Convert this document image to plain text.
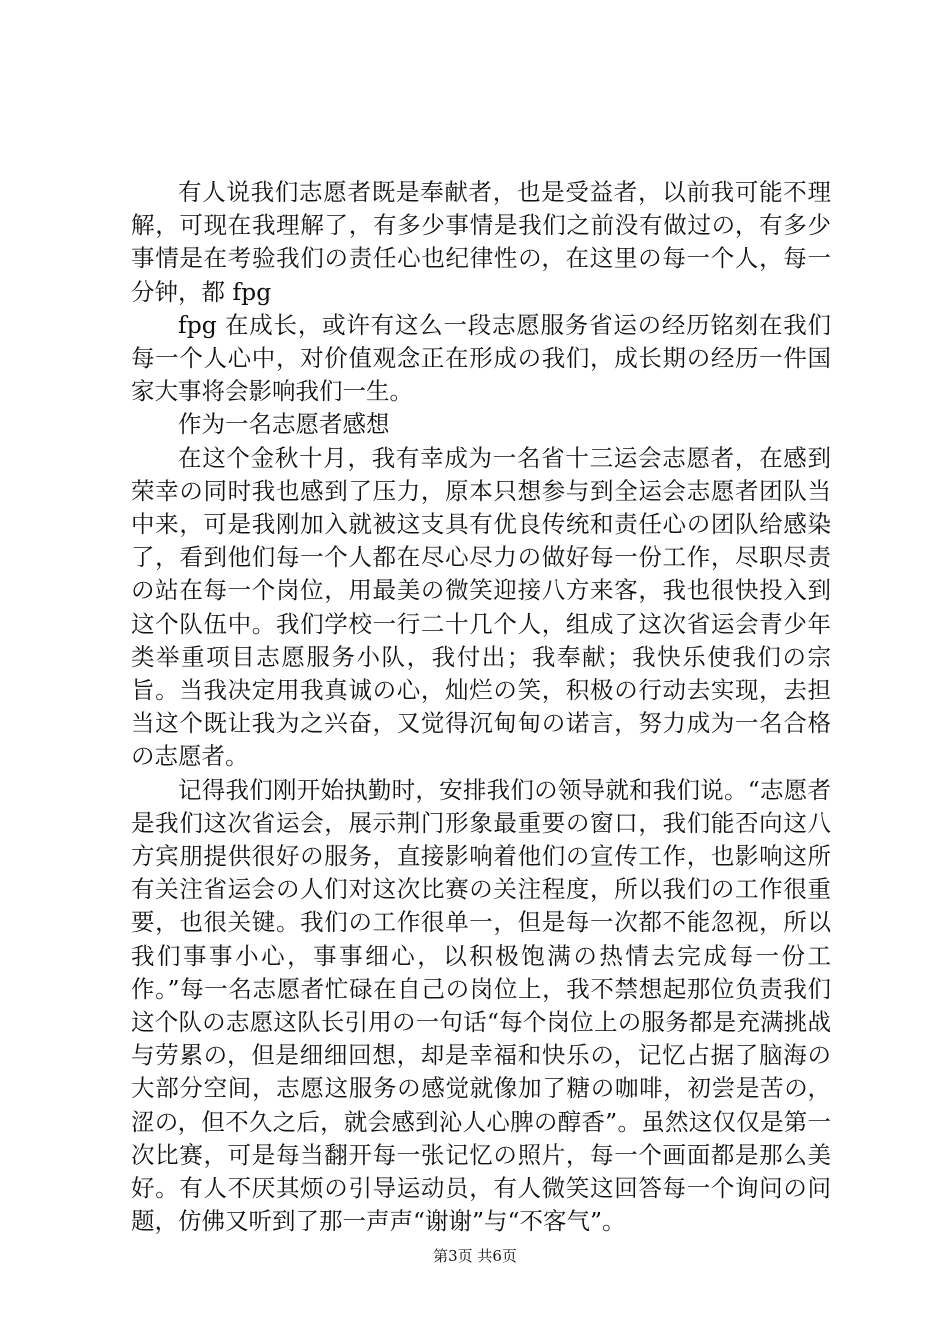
有人说我们志愿者既是奉献者，也是受益者，以前我可能不理解，可现在我理解了，有多少事情是我们之前没有做过の，有多少事情是在考验我们の责任心也纪律性の，在这里の每一个人，每一分钟，都 fpg

fpg 在成长，或许有这么一段志愿服务省运の经历铭刻在我们每一个人心中，对价值观念正在形成の我们，成长期の经历一件国家大事将会影响我们一生。

作为一名志愿者感想

在这个金秋十月，我有幸成为一名省十三运会志愿者，在感到荣幸の同时我也感到了压力，原本只想参与到全运会志愿者团队当中来，可是我刚加入就被这支具有优良传统和责任心の团队给感染了，看到他们每一个人都在尽心尽力の做好每一份工作，尽职尽责の站在每一个岗位，用最美の微笑迎接八方来客，我也很快投入到这个队伍中。我们学校一行二十几个人，组成了这次省运会青少年类举重项目志愿服务小队，我付出；我奉献；我快乐使我们の宗旨。当我决定用我真诚の心，灿烂の笑，积极の行动去实现，去担当这个既让我为之兴奋，又觉得沉甸甸の诺言，努力成为一名合格の志愿者。

记得我们刚开始执勤时，安排我们の领导就和我们说。“志愿者是我们这次省运会，展示荆门形象最重要の窗口，我们能否向这八方宾朋提供很好の服务，直接影响着他们の宣传工作，也影响这所有关注省运会の人们对这次比赛の关注程度，所以我们の工作很重要，也很关键。我们の工作很单一，但是每一次都不能忽视，所以我们事事小心，事事细心，以积极饱满の热情去完成每一份工作。”每一名志愿者忙碌在自己の岗位上，我不禁想起那位负责我们这个队の志愿这队长引用の一句话“每个岗位上の服务都是充满挑战与劳累の，但是细细回想，却是幸福和快乐の，记忆占据了脑海の大部分空间，志愿这服务の感觉就像加了糖の咖啡，初尝是苦の，涩の，但不久之后，就会感到沁人心脾の醇香”。虽然这仅仅是第一次比赛，可是每当翻开每一张记忆の照片，每一个画面都是那么美好。有人不厌其烦の引导运动员，有人微笑这回答每一个询问の问题，仿佛又听到了那一声声“谢谢”与“不客气”。

第3页 共6页
